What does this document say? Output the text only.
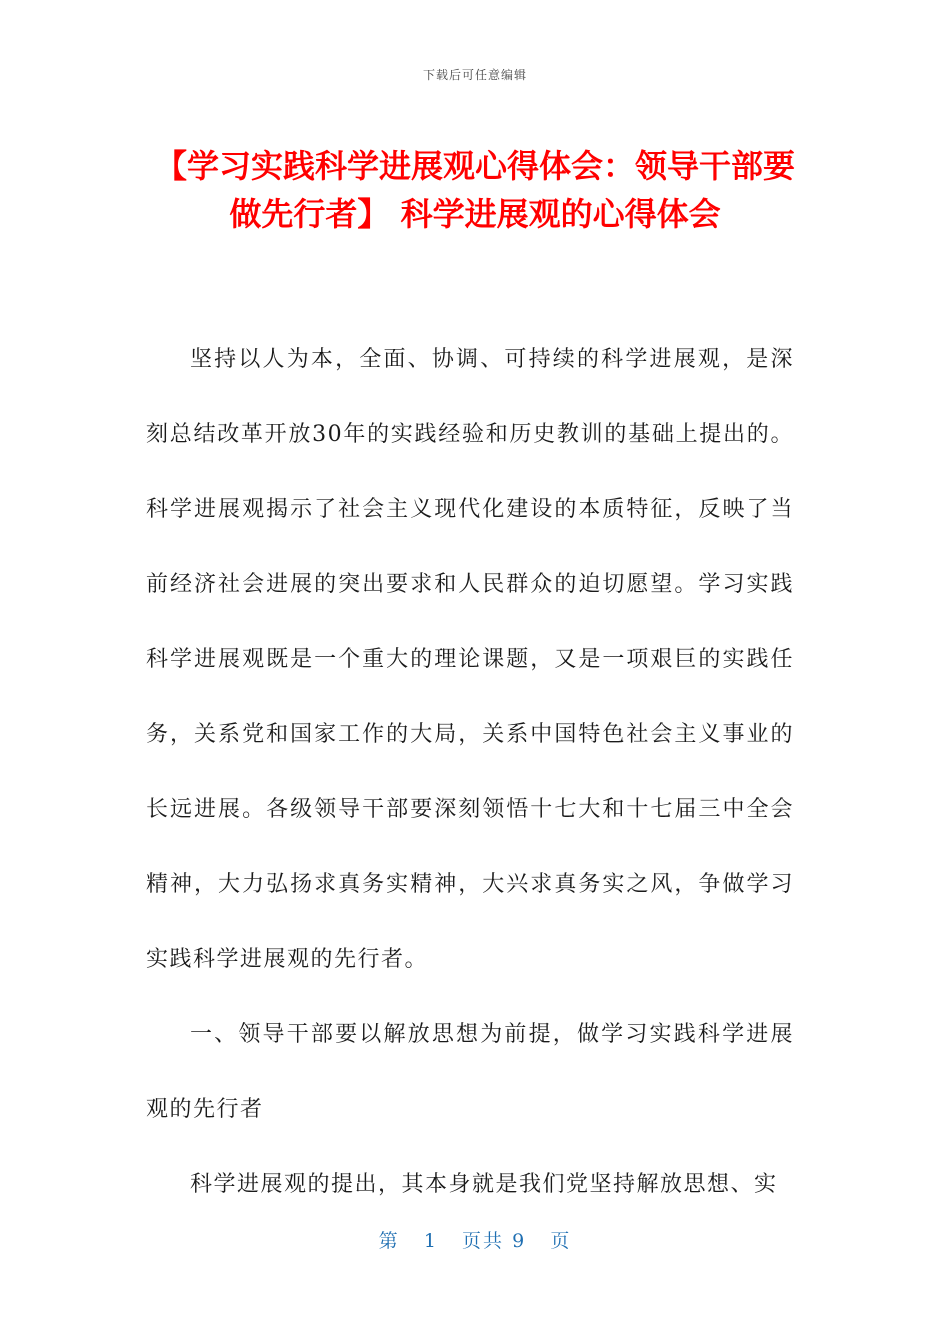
下载后可任意编辑
【学习实践科学进展观心得体会：领导干部要做先行者】 科学进展观的心得体会

坚持以人为本，全面、协调、可持续的科学进展观，是深刻总结改革开放30年的实践经验和历史教训的基础上提出的。科学进展观揭示了社会主义现代化建设的本质特征，反映了当前经济社会进展的突出要求和人民群众的迫切愿望。学习实践科学进展观既是一个重大的理论课题，又是一项艰巨的实践任务，关系党和国家工作的大局，关系中国特色社会主义事业的长远进展。各级领导干部要深刻领悟十七大和十七届三中全会精神，大力弘扬求真务实精神，大兴求真务实之风，争做学习实践科学进展观的先行者。

一、领导干部要以解放思想为前提，做学习实践科学进展观的先行者

科学进展观的提出，其本身就是我们党坚持解放思想、实

第 1 页共 9 页
